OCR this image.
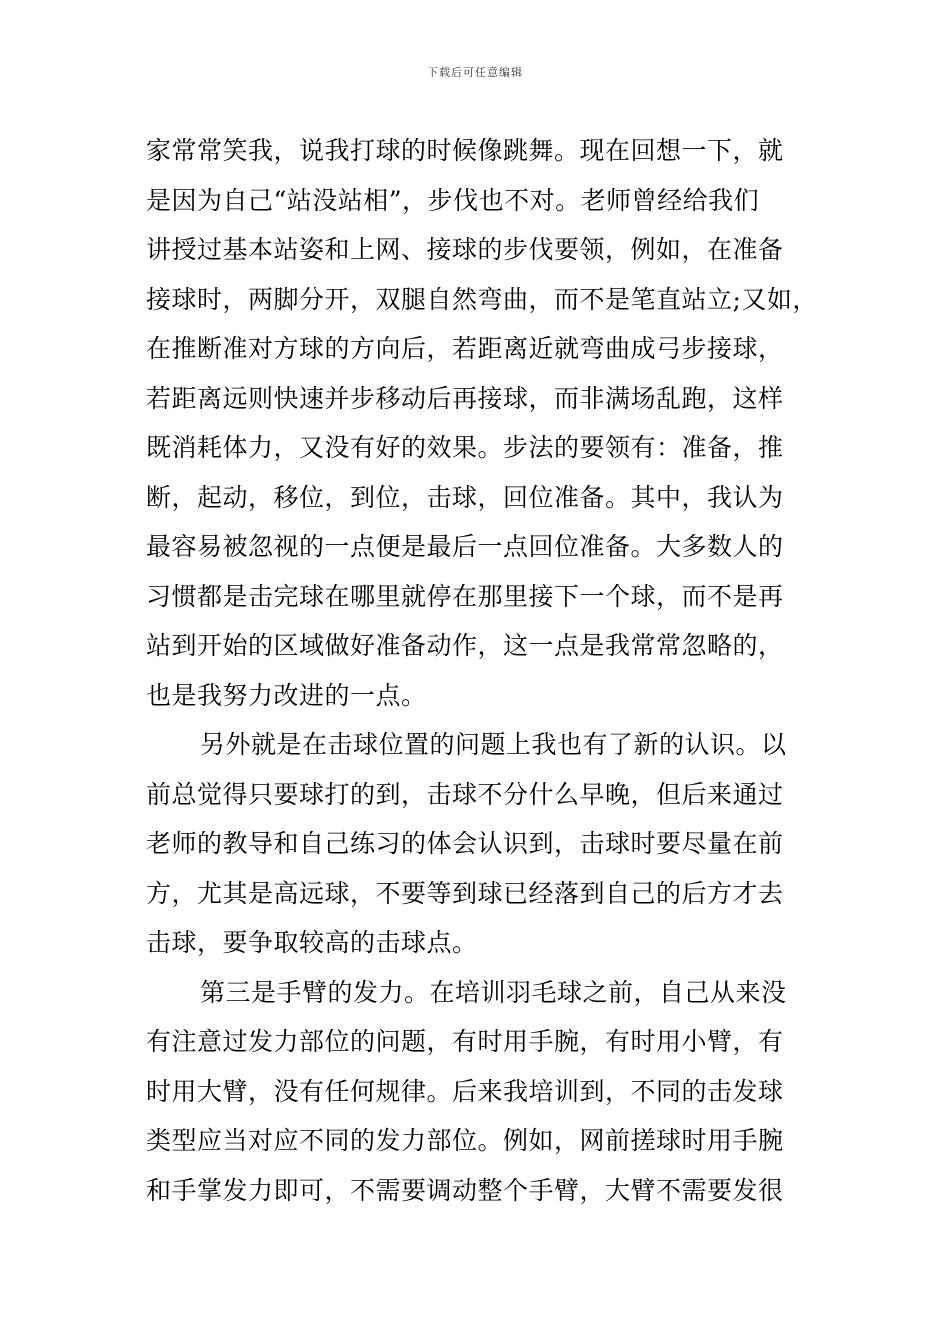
下载后可任意编辑
家常常笑我，说我打球的时候像跳舞。现在回想一下，就
是因为自己“站没站相”，步伐也不对。老师曾经给我们
讲授过基本站姿和上网、接球的步伐要领，例如，在准备
接球时，两脚分开，双腿自然弯曲，而不是笔直站立;又如，
在推断准对方球的方向后，若距离近就弯曲成弓步接球，
若距离远则快速并步移动后再接球，而非满场乱跑，这样
既消耗体力，又没有好的效果。步法的要领有：准备，推
断，起动，移位，到位，击球，回位准备。其中，我认为
最容易被忽视的一点便是最后一点回位准备。大多数人的
习惯都是击完球在哪里就停在那里接下一个球，而不是再
站到开始的区域做好准备动作，这一点是我常常忽略的，
也是我努力改进的一点。
另外就是在击球位置的问题上我也有了新的认识。以
前总觉得只要球打的到，击球不分什么早晚，但后来通过
老师的教导和自己练习的体会认识到，击球时要尽量在前
方，尤其是高远球，不要等到球已经落到自己的后方才去
击球，要争取较高的击球点。
第三是手臂的发力。在培训羽毛球之前，自己从来没
有注意过发力部位的问题，有时用手腕，有时用小臂，有
时用大臂，没有任何规律。后来我培训到，不同的击发球
类型应当对应不同的发力部位。例如，网前搓球时用手腕
和手掌发力即可，不需要调动整个手臂，大臂不需要发很
